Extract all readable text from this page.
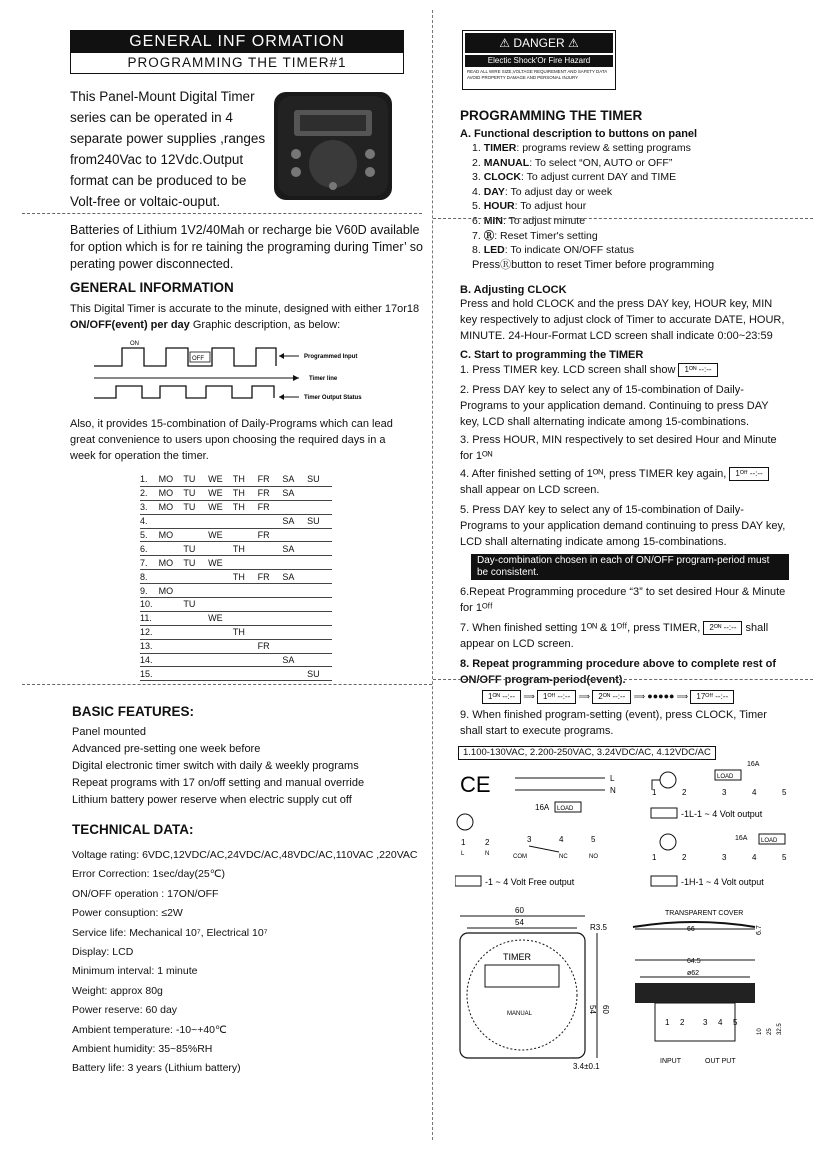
GENERAL INF ORMATION
PROGRAMMING THE TIMER#1
This Panel-Mount Digital Timer series can be operated in 4 separate power supplies ,ranges from240Vac to 12Vdc.Output format can be produced to be Volt-free or voltaic-ouput.
Batteries of Lithium 1V2/40Mah or recharge bie V60D available for option which is for re taining the programing during Timer’ so perating power disconnected.
GENERAL INFORMATION
This Digital Timer is accurate to the minute, designed with either 17or18
ON/OFF(event) per day Graphic description, as below:
ON
OFF	Programmed Input
Timer line
Timer Output Status
Also, it provides 15-combination of Daily-Programs which can lead great convenience to users upon choosing the required days in a week for operation the timer.
1.	MO	TU	WE	TH	FR	SA	SU
2.	MO	TU	WE	TH	FR	SA	
3.	MO	TU	WE	TH	FR		
4.						SA	SU
5.	MO		WE		FR		
6.		TU		TH		SA	
7.	MO	TU	WE				
8.				TH	FR	SA	
9.	MO						
10.		TU					
11.			WE				
12.				TH			
13.					FR		
14.						SA	
15.							SU
BASIC FEATURES:
Panel mounted
Advanced pre-setting one week before
Digital electronic timer switch with daily & weekly programs
Repeat programs with 17 on/off setting and manual override
Lithium battery power reserve when electric supply cut off
TECHNICAL DATA:
Voltage rating: 6VDC,12VDC/AC,24VDC/AC,48VDC/AC,110VAC ,220VAC
Error Correction: 1sec/day(25℃)
ON/OFF operation : 17ON/OFF
Power consuption: ≤2W
Service life: Mechanical 10⁷, Electrical 10⁷
Display: LCD
Minimum interval: 1 minute
Weight: approx 80g
Power reserve: 60 day
Ambient temperature: -10~+40℃
Ambient humidity: 35~85%RH
Battery life: 3 years (Lithium battery)
⚠ DANGER ⚠
Electic Shock'Or Fire Hazard
READ ALL WIRE SIZE,VOLTAGE REQUIREMENT AND SAFETY DATA AVOID PROPERTY DAMAGE AND PERSONAL INJURY
PROGRAMMING THE TIMER
A. Functional description to buttons on panel
1. TIMER: programs review & setting programs
2. MANUAL: To select “ON, AUTO or OFF”
3. CLOCK: To adjust current DAY and TIME
4. DAY: To adjust day or week
5. HOUR: To adjust hour
6. MIN: To adjust minute
7. Ⓡ: Reset Timer's setting
8. LED: To indicate ON/OFF status
PressⓇbutton to reset Timer before programming
B. Adjusting CLOCK
Press and hold CLOCK and the press DAY key, HOUR key, MIN key respectively to adjust clock of Timer to accurate DATE, HOUR, MINUTE. 24-Hour-Format LCD screen shall indicate 0:00~23:59
C. Start to programming the TIMER
1. Press TIMER key. LCD screen shall show 1ᴼᴺ --:--
2. Press DAY key to select any of 15-combination of Daily-Programs to your application demand. Continuing to press DAY key, LCD shall alternating indicate among 15-combinations.
3. Press HOUR, MIN respectively to set desired Hour and Minute for 1ᴼᴺ
4. After finished setting of 1ᴼᴺ, press TIMER key again, 1ᴼᶠᶠ --:--
shall appear on LCD screen.
5. Press DAY key to select any of 15-combination of Daily-Programs to your application demand continuing to press DAY key, LCD shall alternating indicate among 15-combinations.
Day-combination chosen in each of ON/OFF program-period must be consistent.
6.Repeat Programming procedure “3” to set desired Hour & Minute for 1ᴼᶠᶠ
7. When finished setting 1ᴼᴺ & 1ᴼᶠᶠ, press TIMER, 2ᴼᴺ --:-- shall appear on LCD screen.
8. Repeat programming procedure above to complete rest of ON/OFF program-period(event).
1ᴼᴺ --:-- ⟹ 1ᴼᶠᶠ --:-- ⟹ 2ᴼᴺ --:-- ⟹ ●●●●● ⟹ 17ᴼᶠᶠ --:--
9. When finished program-setting (event), press CLOCK, Timer shall start to execute programs.
1.100-130VAC, 2.200-250VAC, 3.24VDC/AC, 4.12VDC/AC
CE	L
N
16A LOAD
1 2
L	N
3	4	5
COM	NC	NO
-1 ~ 4 Volt Free output
LOAD
16A
1	2	3	4	5
-1L-1 ~ 4 Volt output
16A LOAD
1	2	3	4	5
-1H-1 ~ 4 Volt output
60
54
R3.5
TIMER
MANUAL
54 60
3.4±0.1
TRANSPARENT COVER
66	6.7
64.5
ø62
1 2 3 4 5
10 25 32.5
INPUT	OUT PUT
